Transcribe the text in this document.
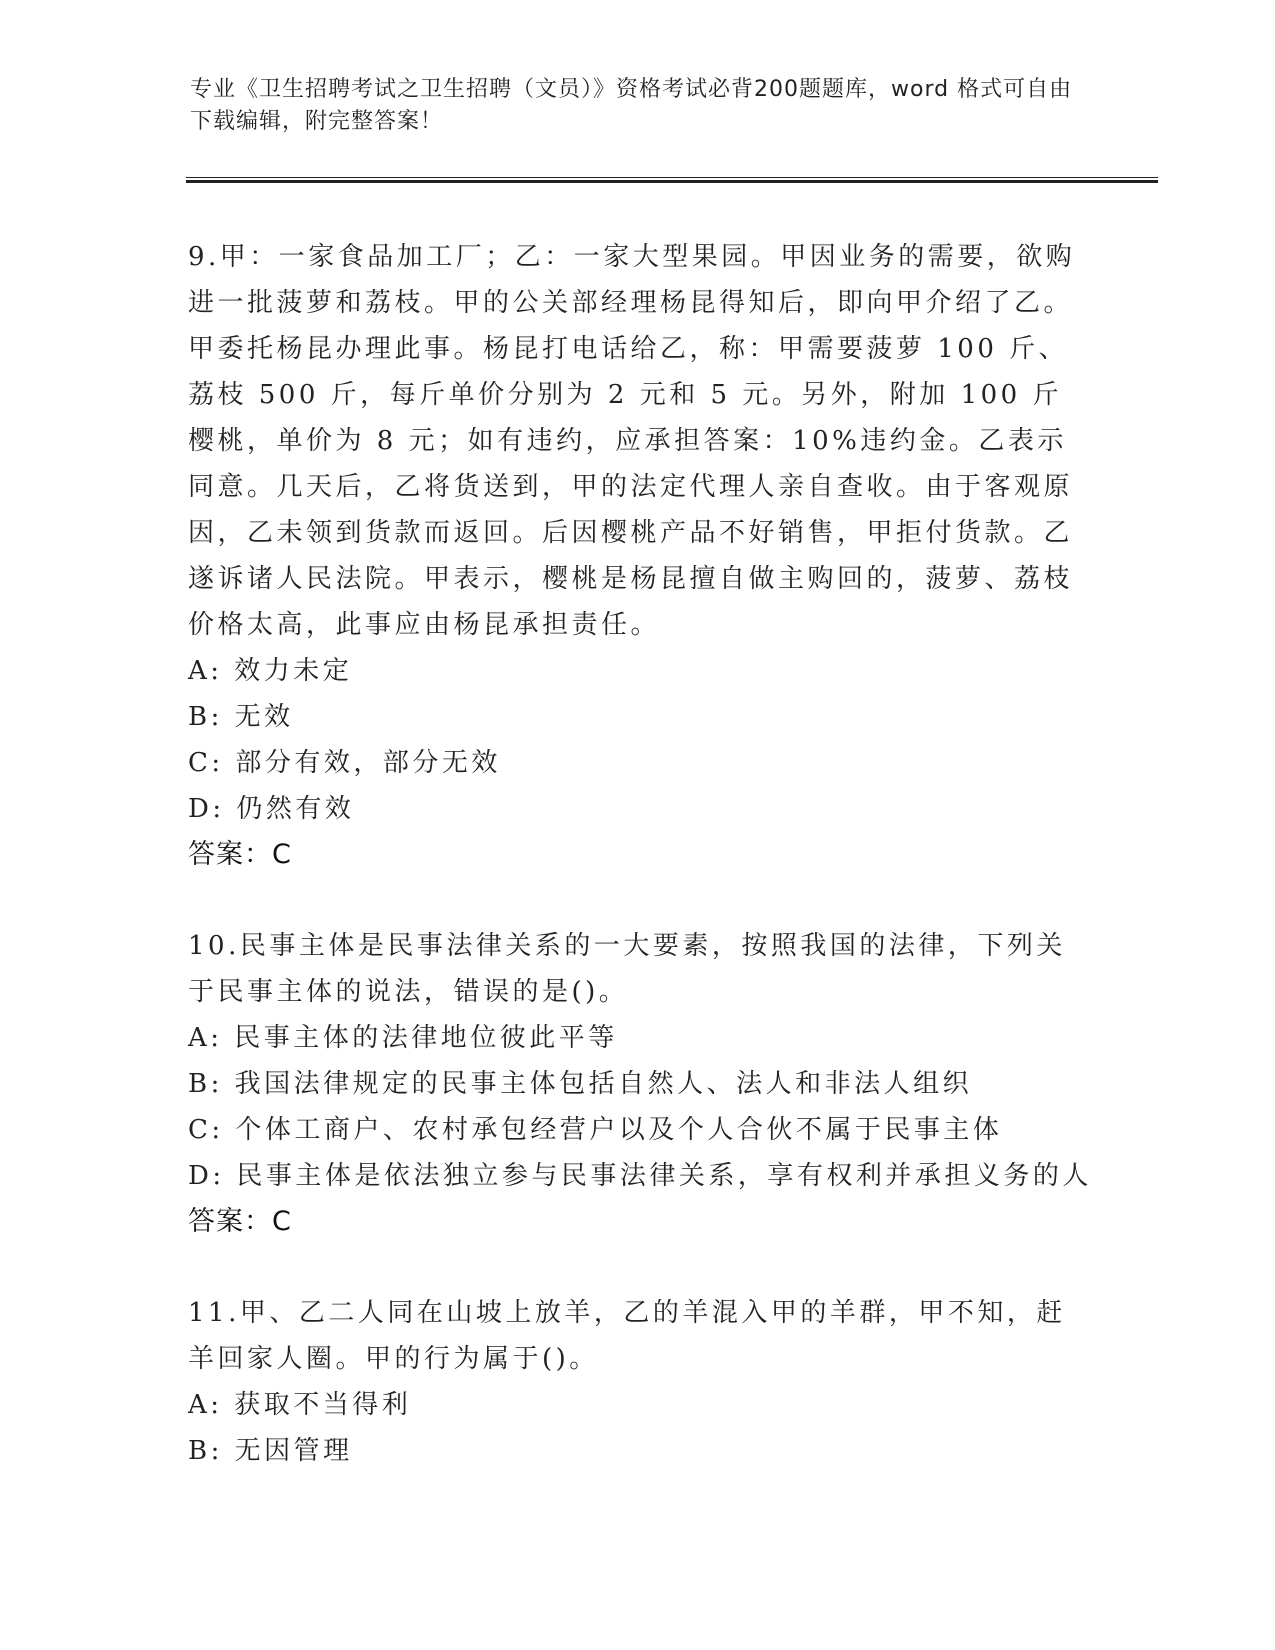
专业《卫生招聘考试之卫生招聘（文员）》资格考试必背200题题库，word 格式可自由下载编辑，附完整答案！

9.甲：一家食品加工厂；乙：一家大型果园。甲因业务的需要，欲购进一批菠萝和荔枝。甲的公关部经理杨昆得知后，即向甲介绍了乙。甲委托杨昆办理此事。杨昆打电话给乙，称：甲需要菠萝 100 斤、荔枝 500 斤，每斤单价分别为 2 元和 5 元。另外，附加 100 斤樱桃，单价为 8 元；如有违约，应承担答案：10%违约金。乙表示同意。几天后，乙将货送到，甲的法定代理人亲自查收。由于客观原因，乙未领到货款而返回。后因樱桃产品不好销售，甲拒付货款。乙遂诉诸人民法院。甲表示，樱桃是杨昆擅自做主购回的，菠萝、荔枝价格太高，此事应由杨昆承担责任。

A: 效力未定
B: 无效
C: 部分有效，部分无效
D: 仍然有效
答案：C

10.民事主体是民事法律关系的一大要素，按照我国的法律，下列关于民事主体的说法，错误的是()。

A: 民事主体的法律地位彼此平等
B: 我国法律规定的民事主体包括自然人、法人和非法人组织
C: 个体工商户、农村承包经营户以及个人合伙不属于民事主体
D: 民事主体是依法独立参与民事法律关系，享有权利并承担义务的人
答案：C

11.甲、乙二人同在山坡上放羊，乙的羊混入甲的羊群，甲不知，赶羊回家人圈。甲的行为属于()。

A: 获取不当得利
B: 无因管理
